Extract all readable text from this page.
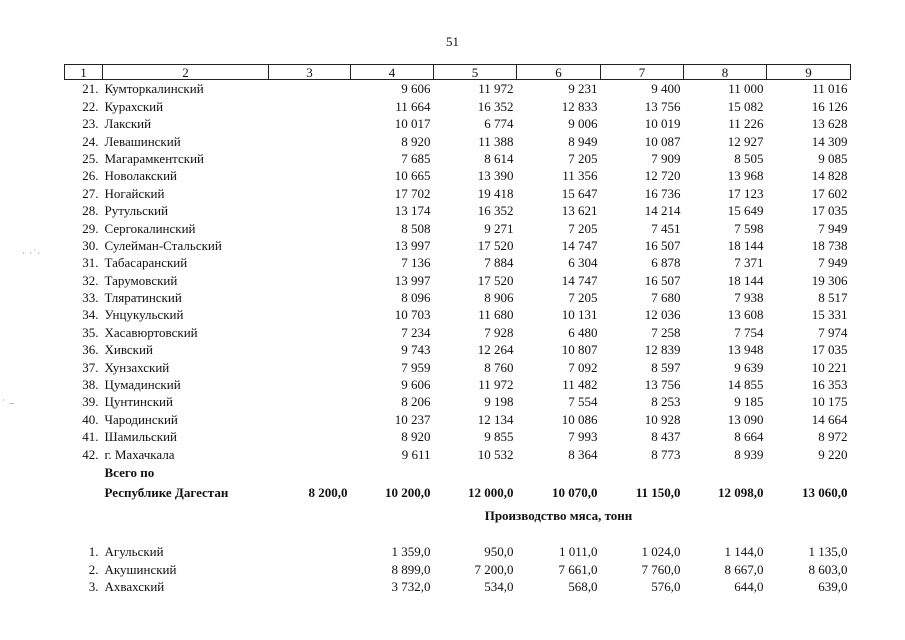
51
1	2	3	4	5	6	7	8	9
21.	Кумторкалинский		9 606	11 972	9 231	9 400	11 000	11 016
22.	Курахский		11 664	16 352	12 833	13 756	15 082	16 126
23.	Лакский		10 017	6 774	9 006	10 019	11 226	13 628
24.	Левашинский		8 920	11 388	8 949	10 087	12 927	14 309
25.	Магарамкентский		7 685	8 614	7 205	7 909	8 505	9 085
26.	Новолакский		10 665	13 390	11 356	12 720	13 968	14 828
27.	Ногайский		17 702	19 418	15 647	16 736	17 123	17 602
28.	Рутульский		13 174	16 352	13 621	14 214	15 649	17 035
29.	Сергокалинский		8 508	9 271	7 205	7 451	7 598	7 949
30.	Сулейман-Стальский		13 997	17 520	14 747	16 507	18 144	18 738
31.	Табасаранский		7 136	7 884	6 304	6 878	7 371	7 949
32.	Тарумовский		13 997	17 520	14 747	16 507	18 144	19 306
33.	Тляратинский		8 096	8 906	7 205	7 680	7 938	8 517
34.	Унцукульский		10 703	11 680	10 131	12 036	13 608	15 331
35.	Хасавюртовский		7 234	7 928	6 480	7 258	7 754	7 974
36.	Хивский		9 743	12 264	10 807	12 839	13 948	17 035
37.	Хунзахский		7 959	8 760	7 092	8 597	9 639	10 221
38.	Цумадинский		9 606	11 972	11 482	13 756	14 855	16 353
39.	Цунтинский		8 206	9 198	7 554	8 253	9 185	10 175
40.	Чародинский		10 237	12 134	10 086	10 928	13 090	14 664
41.	Шамильский		8 920	9 855	7 993	8 437	8 664	8 972
42.	г. Махачкала		9 611	10 532	8 364	8 773	8 939	9 220
	Всего по							
	Республике Дагестан	8 200,0	10 200,0	12 000,0	10 070,0	11 150,0	12 098,0	13 060,0
				Производство мяса, тонн				

1.	Агульский		1 359,0	950,0	1 011,0	1 024,0	1 144,0	1 135,0
2.	Акушинский		8 899,0	7 200,0	7 661,0	7 760,0	8 667,0	8 603,0
3.	Ахвахский		3 732,0	534,0	568,0	576,0	644,0	639,0
· ·˙·
˙ –
